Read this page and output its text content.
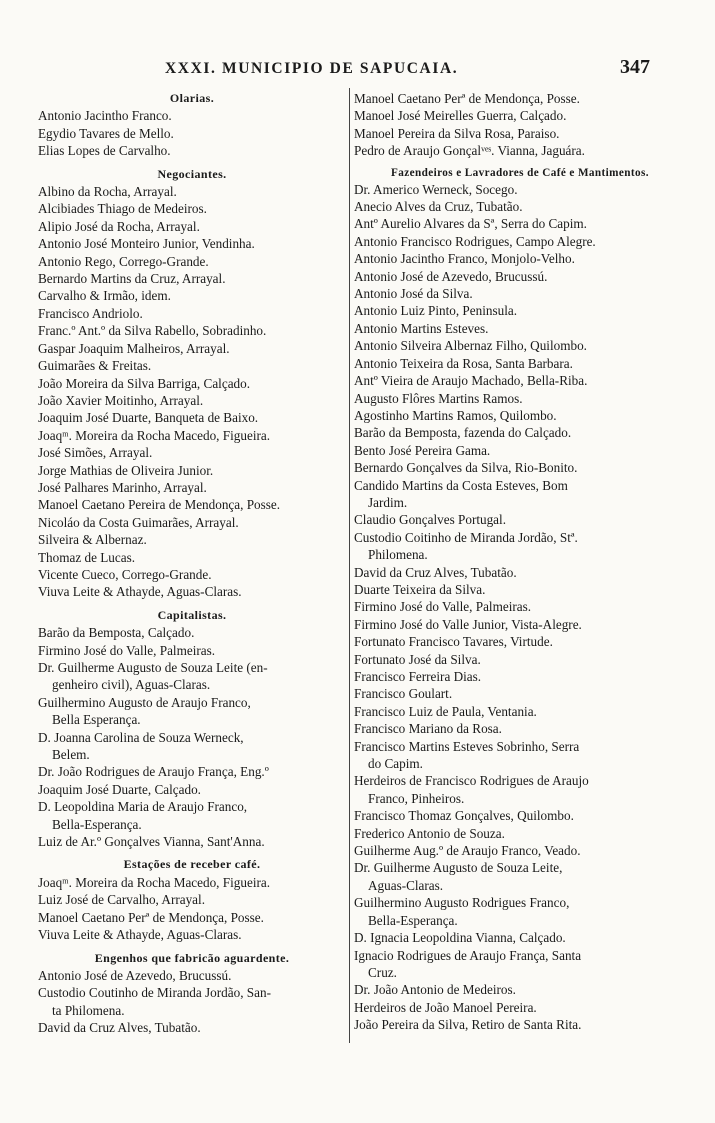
XXXI. MUNICIPIO DE SAPUCAIA.	347
Olarias.
Antonio Jacintho Franco.
Egydio Tavares de Mello.
Elias Lopes de Carvalho.
Negociantes.
Albino da Rocha, Arrayal.
Alcibiades Thiago de Medeiros.
Alipio José da Rocha, Arrayal.
Antonio José Monteiro Junior, Vendinha.
Antonio Rego, Corrego-Grande.
Bernardo Martins da Cruz, Arrayal.
Carvalho & Irmão, idem.
Francisco Andriolo.
Franc.º Ant.º da Silva Rabello, Sobradinho.
Gaspar Joaquim Malheiros, Arrayal.
Guimarães & Freitas.
João Moreira da Silva Barriga, Calçado.
João Xavier Moitinho, Arrayal.
Joaquim José Duarte, Banqueta de Baixo.
Joaqᵐ. Moreira da Rocha Macedo, Figueira.
José Simões, Arrayal.
Jorge Mathias de Oliveira Junior.
José Palhares Marinho, Arrayal.
Manoel Caetano Pereira de Mendonça, Posse.
Nicoláo da Costa Guimarães, Arrayal.
Silveira & Albernaz.
Thomaz de Lucas.
Vicente Cueco, Corrego-Grande.
Viuva Leite & Athayde, Aguas-Claras.
Capitalistas.
Barão da Bemposta, Calçado.
Firmino José do Valle, Palmeiras.
Dr. Guilherme Augusto de Souza Leite (en-
genheiro civil), Aguas-Claras.
Guilhermino Augusto de Araujo Franco,
Bella Esperança.
D. Joanna Carolina de Souza Werneck,
Belem.
Dr. João Rodrigues de Araujo França, Eng.º
Joaquim José Duarte, Calçado.
D. Leopoldina Maria de Araujo Franco,
Bella-Esperança.
Luiz de Ar.º Gonçalves Vianna, Sant'Anna.
Estações de receber café.
Joaqᵐ. Moreira da Rocha Macedo, Figueira.
Luiz José de Carvalho, Arrayal.
Manoel Caetano Perª de Mendonça, Posse.
Viuva Leite & Athayde, Aguas-Claras.
Engenhos que fabricão aguardente.
Antonio José de Azevedo, Brucussú.
Custodio Coutinho de Miranda Jordão, San-
ta Philomena.
David da Cruz Alves, Tubatão.
Manoel Caetano Perª de Mendonça, Posse.
Manoel José Meirelles Guerra, Calçado.
Manoel Pereira da Silva Rosa, Paraiso.
Pedro de Araujo Gonçalᵛᵉˢ. Vianna, Jaguára.
Fazendeiros e Lavradores de Café e Mantimentos.
Dr. Americo Werneck, Socego.
Anecio Alves da Cruz, Tubatão.
Antº Aurelio Alvares da Sª, Serra do Capim.
Antonio Francisco Rodrigues, Campo Alegre.
Antonio Jacintho Franco, Monjolo-Velho.
Antonio José de Azevedo, Brucussú.
Antonio José da Silva.
Antonio Luiz Pinto, Peninsula.
Antonio Martins Esteves.
Antonio Silveira Albernaz Filho, Quilombo.
Antonio Teixeira da Rosa, Santa Barbara.
Antº Vieira de Araujo Machado, Bella-Riba.
Augusto Flôres Martins Ramos.
Agostinho Martins Ramos, Quilombo.
Barão da Bemposta, fazenda do Calçado.
Bento José Pereira Gama.
Bernardo Gonçalves da Silva, Rio-Bonito.
Candido Martins da Costa Esteves, Bom
Jardim.
Claudio Gonçalves Portugal.
Custodio Coitinho de Miranda Jordão, Stª.
Philomena.
David da Cruz Alves, Tubatão.
Duarte Teixeira da Silva.
Firmino José do Valle, Palmeiras.
Firmino José do Valle Junior, Vista-Alegre.
Fortunato Francisco Tavares, Virtude.
Fortunato José da Silva.
Francisco Ferreira Dias.
Francisco Goulart.
Francisco Luiz de Paula, Ventania.
Francisco Mariano da Rosa.
Francisco Martins Esteves Sobrinho, Serra
do Capim.
Herdeiros de Francisco Rodrigues de Araujo
Franco, Pinheiros.
Francisco Thomaz Gonçalves, Quilombo.
Frederico Antonio de Souza.
Guilherme Aug.º de Araujo Franco, Veado.
Dr. Guilherme Augusto de Souza Leite,
Aguas-Claras.
Guilhermino Augusto Rodrigues Franco,
Bella-Esperança.
D. Ignacia Leopoldina Vianna, Calçado.
Ignacio Rodrigues de Araujo França, Santa
Cruz.
Dr. João Antonio de Medeiros.
Herdeiros de João Manoel Pereira.
João Pereira da Silva, Retiro de Santa Rita.
